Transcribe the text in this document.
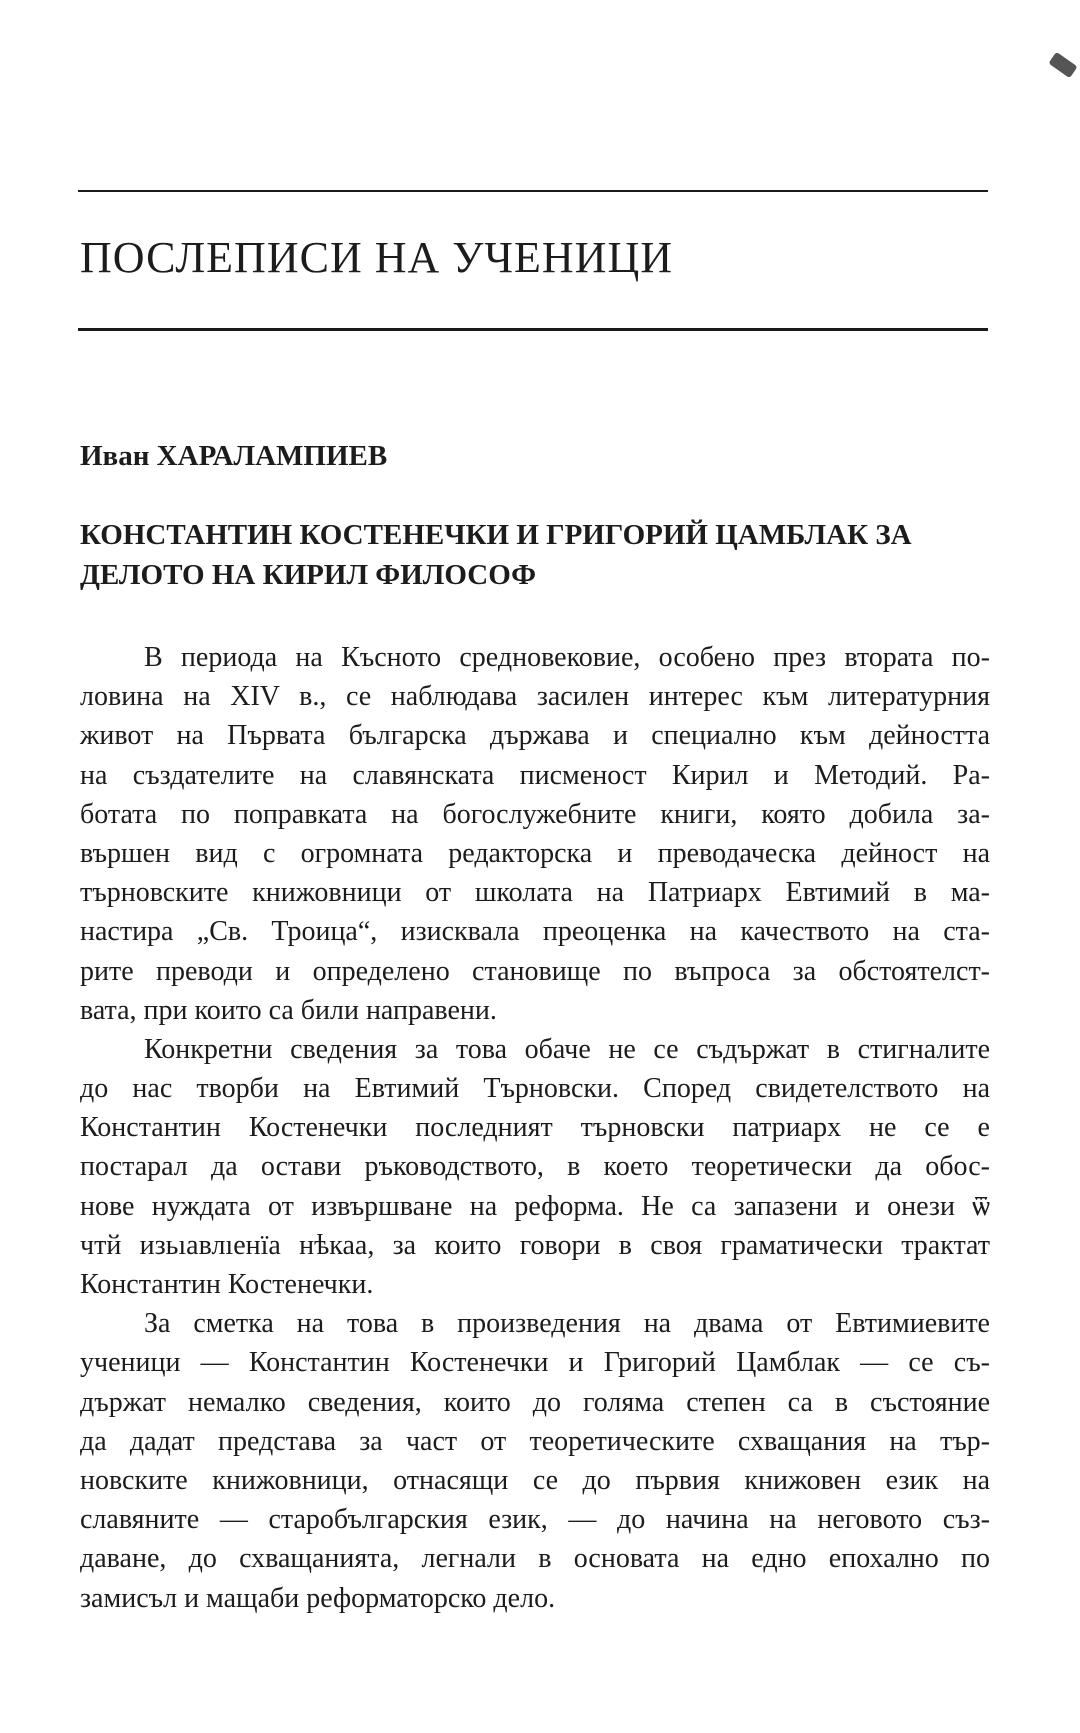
ПОСЛЕПИСИ НА УЧЕНИЦИ
Иван ХАРАЛАМПИЕВ
КОНСТАНТИН КОСТЕНЕЧКИ И ГРИГОРИЙ ЦАМБЛАК ЗА
ДЕЛОТО НА КИРИЛ ФИЛОСОФ

В периода на Късното средновековие, особено през втората по-
ловина на XIV в., се наблюдава засилен интерес към литературния
живот на Първата българска държава и специално към дейността
на създателите на славянската писменост Кирил и Методий. Ра-
ботата по поправката на богослужебните книги, която добила за-
вършен вид с огромната редакторска и преводаческа дейност на
търновските книжовници от школата на Патриарх Евтимий в ма-
настира „Св. Троица“, изисквала преоценка на качеството на ста-
рите преводи и определено становище по въпроса за обстоятелст-
вата, при които са били направени.

Конкретни сведения за това обаче не се съдържат в стигналите
до нас творби на Евтимий Търновски. Според свидетелството на
Константин Костенечки последният търновски патриарх не се е
постарал да остави ръководството, в което теоретически да обос-
нове нуждата от извършване на реформа. Не са запазени и онези ѿ
чтй изьıавлıенїа нѣкаа, за които говори в своя граматически трактат
Константин Костенечки.

За сметка на това в произведения на двама от Евтимиевите
ученици — Константин Костенечки и Григорий Цамблак — се съ-
държат немалко сведения, които до голяма степен са в състояние
да дадат представа за част от теоретическите схващания на тър-
новските книжовници, отнасящи се до първия книжовен език на
славяните — старобългарския език, — до начина на неговото съз-
даване, до схващанията, легнали в основата на едно епохално по
замисъл и мащаби реформаторско дело.
